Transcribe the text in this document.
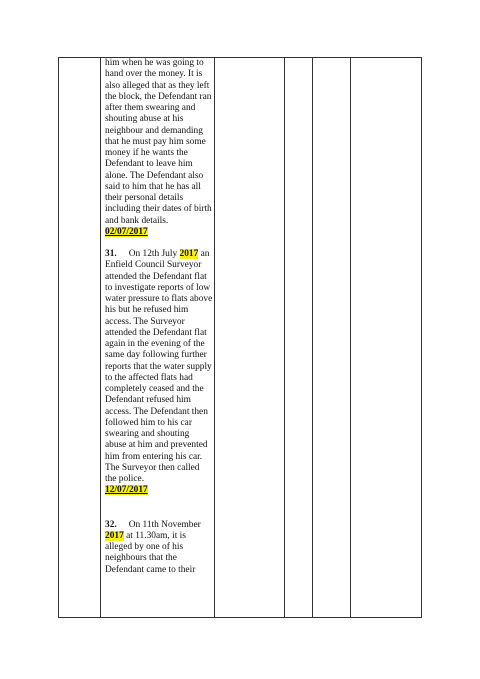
him when he was going to hand over the money. It is also alleged that as they left the block, the Defendant ran after them swearing and shouting abuse at his neighbour and demanding that he must pay him some money if he wants the Defendant to leave him alone. The Defendant also said to him that he has all their personal details including their dates of birth and bank details.
02/07/2017

31. On 12th July 2017 an Enfield Council Surveyor attended the Defendant flat to investigate reports of low water pressure to flats above his but he refused him access. The Surveyor attended the Defendant flat again in the evening of the same day following further reports that the water supply to the affected flats had completely ceased and the Defendant refused him access. The Defendant then followed him to his car swearing and shouting abuse at him and prevented him from entering his car. The Surveyor then called the police.
12/07/2017

32. On 11th November 2017 at 11.30am, it is alleged by one of his neighbours that the Defendant came to their
